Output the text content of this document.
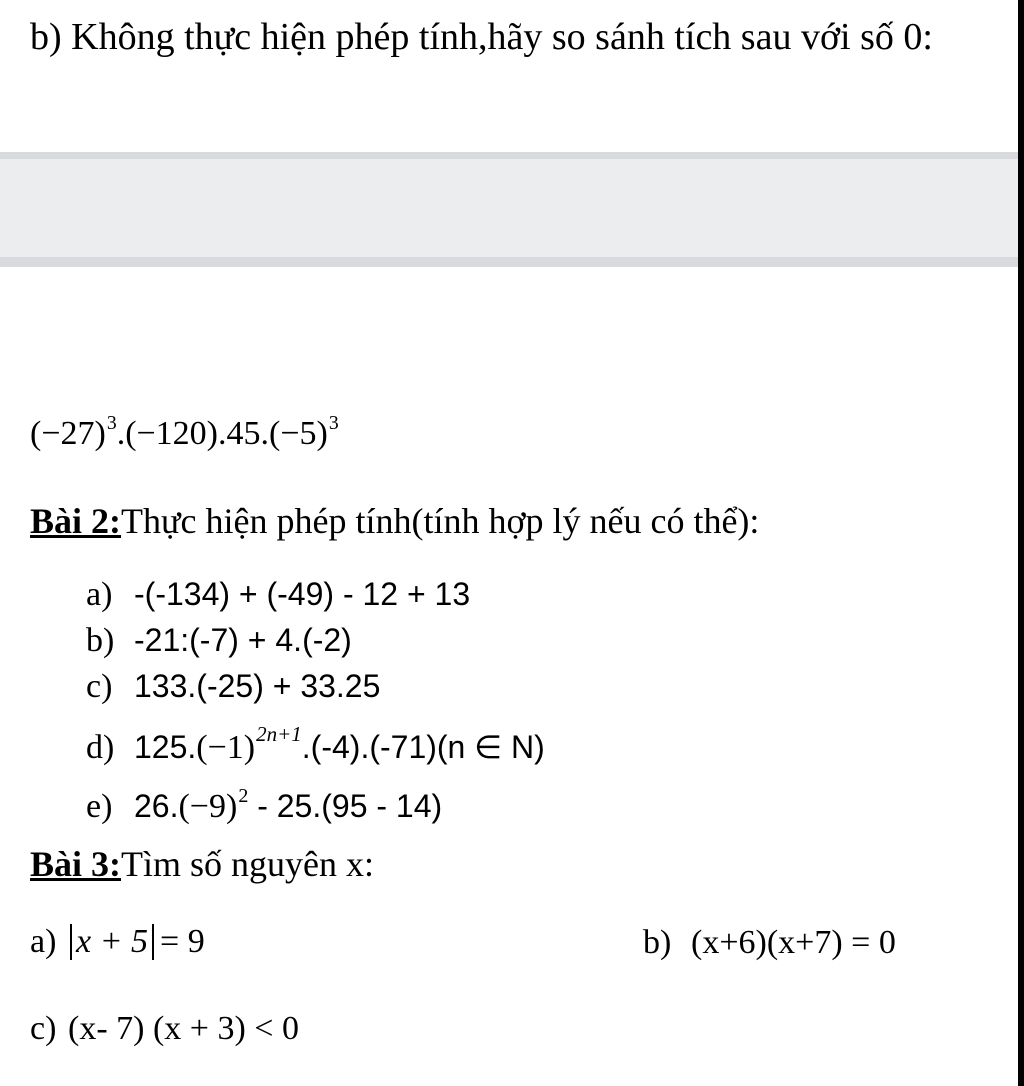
b) Không thực hiện phép tính,hãy so sánh tích sau với số 0:
$(-27)^3.(-120).45.(-5)^3$
Bài 2:Thực hiện phép tính(tính hợp lý nếu có thể):
a) -(-134) + (-49) - 12 + 13
b) -21:(-7) + 4.(-2)
c) 133.(-25) + 33.25
d) 125.(−1)2n+1.(-4).(-71)(n ∈ N)
e) 26.(−9)2 - 25.(95 - 14)
Bài 3:Tìm số nguyên x:
a) x + 5 = 9	b) (x+6)(x+7) = 0
c) (x- 7) (x + 3) < 0
